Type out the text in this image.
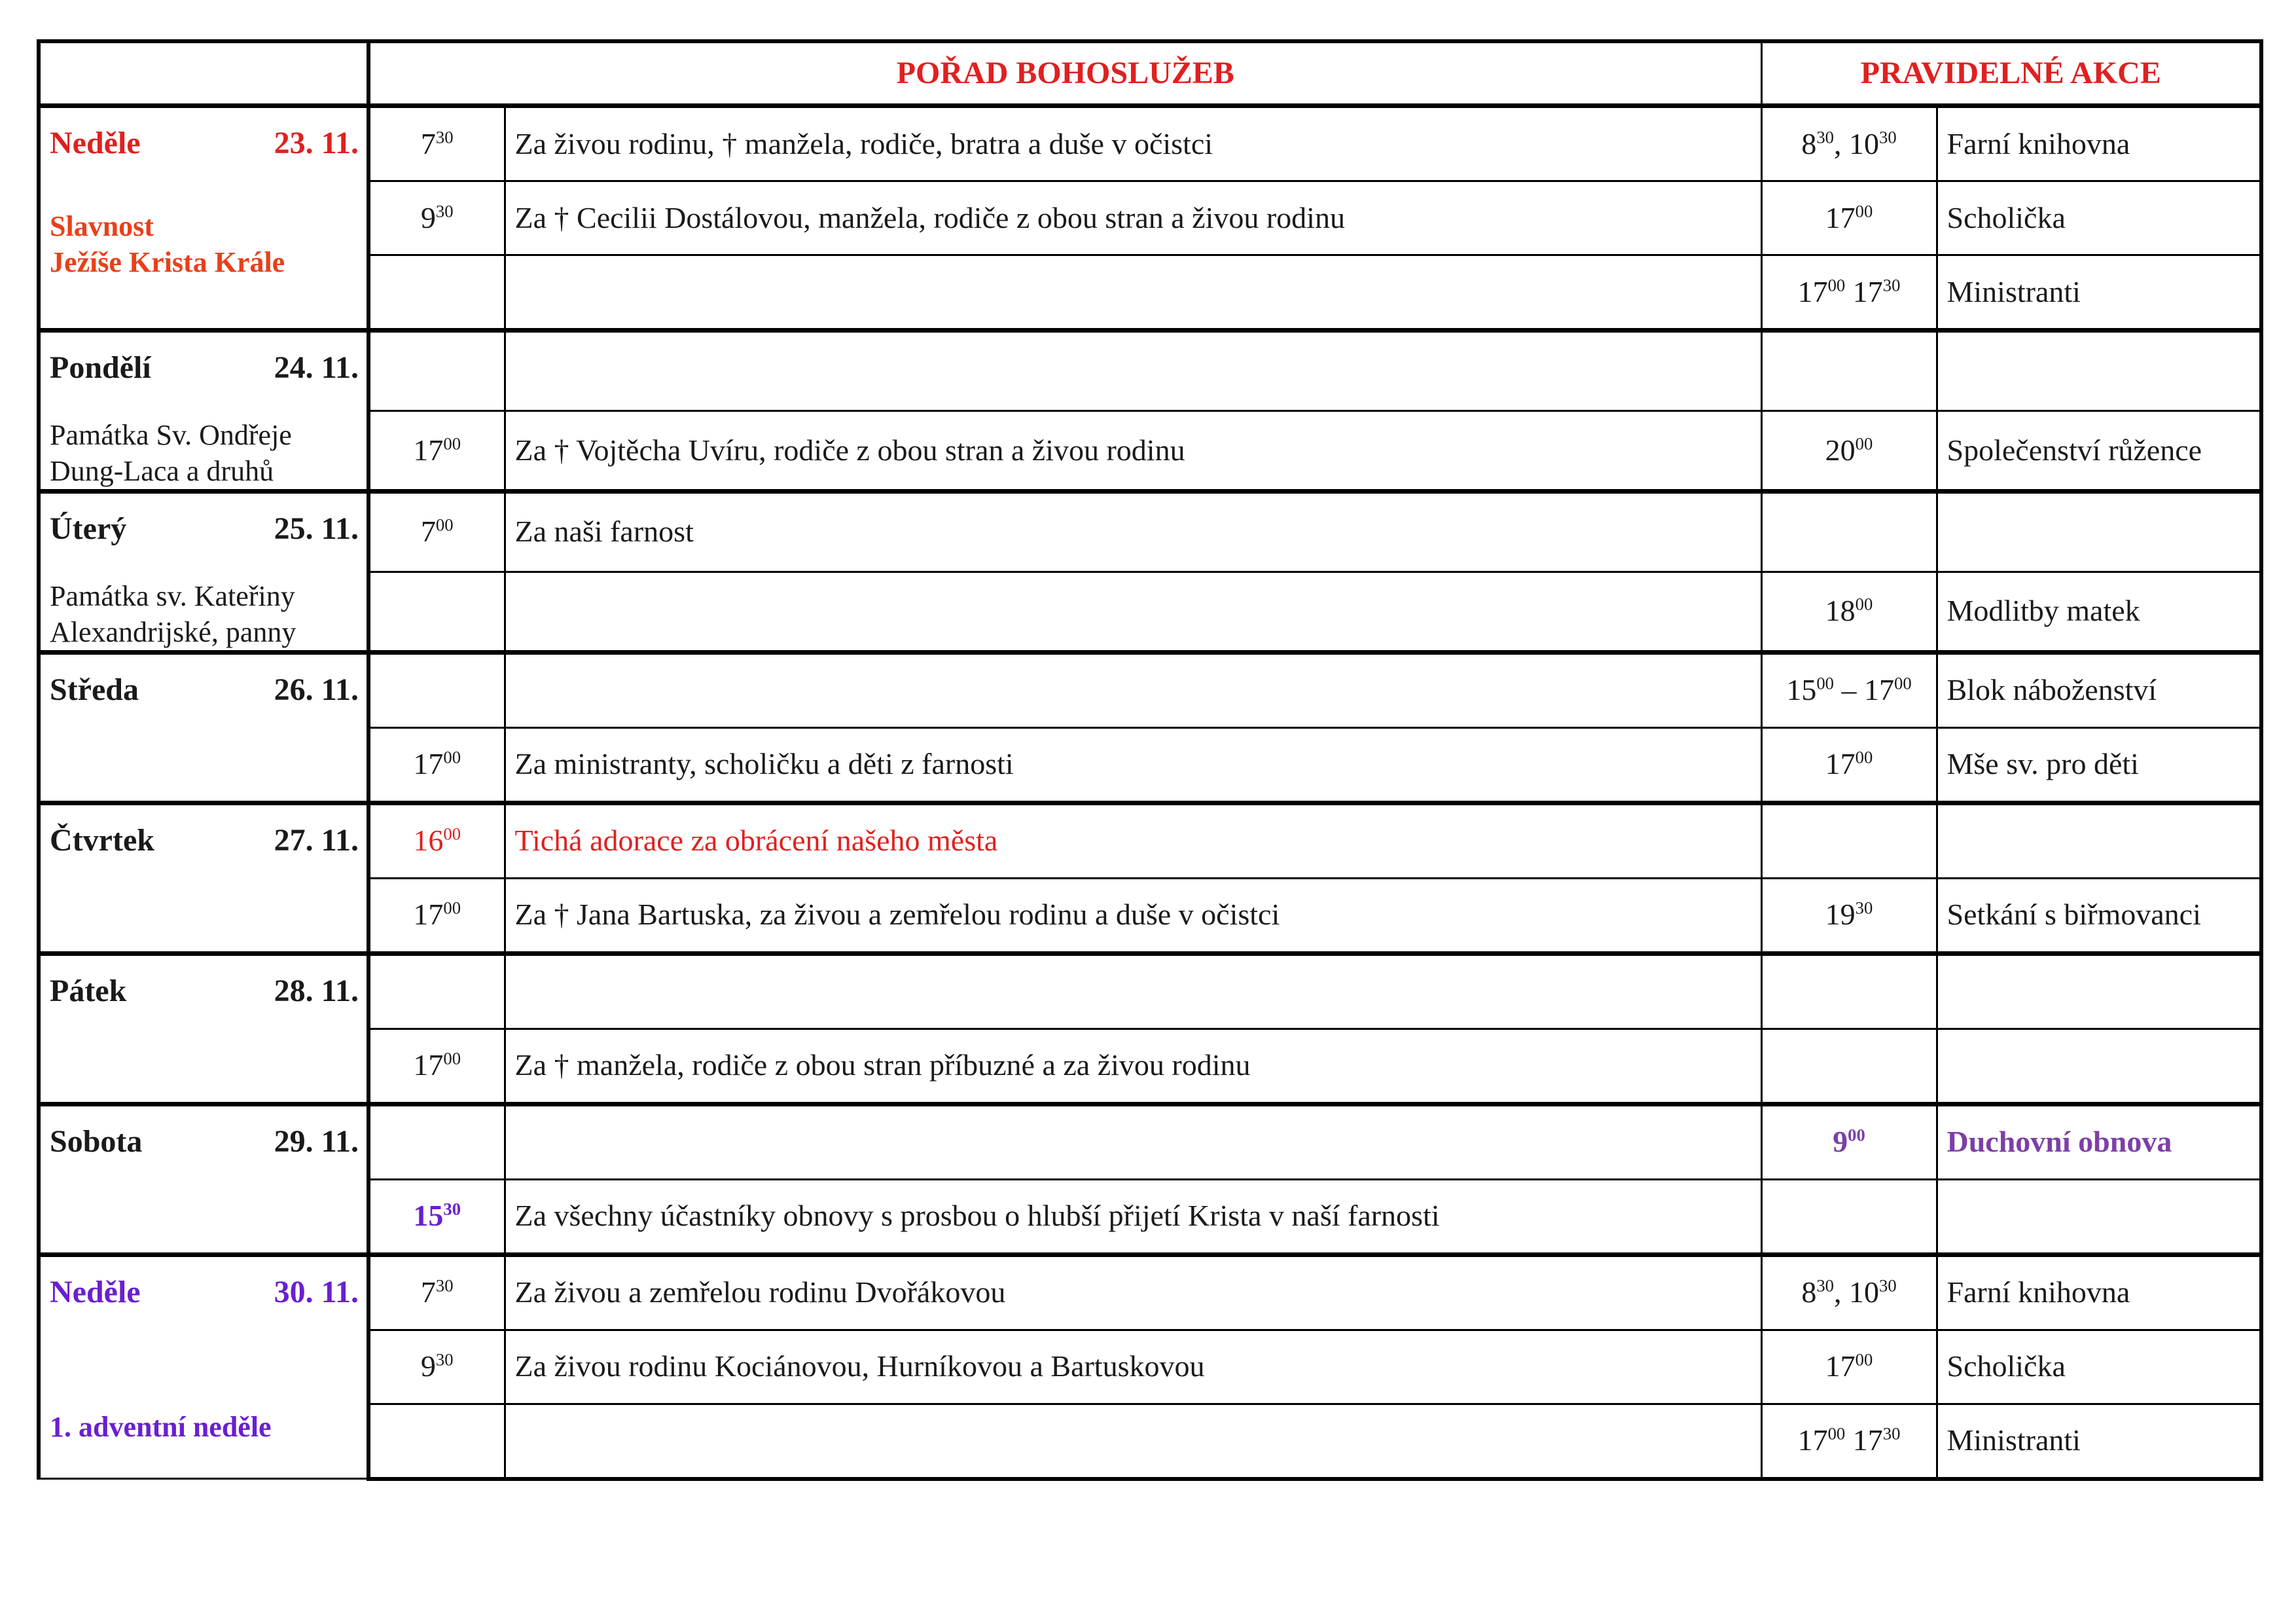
	POŘAD BOHOSLUŽEB		PRAVIDELNÉ AKCE	

Neděle 23. 11.
Slavnost
Ježíše Krista Krále	$7^{30}$	Za živou rodinu, † manžela, rodiče, bratra a duše v očistci	$8^{30}$, $10^{30}$	Farní knihovna
	$9^{30}$	Za † Cecilii Dostálovou, manžela, rodiče z obou stran a živou rodinu	$17^{00}$	Scholička
			$17^{00}$ $17^{30}$	Ministranti

Pondělí 24. 11.
Památka Sv. Ondřeje
Dung-Laca a druhů				

	$17^{00}$	Za † Vojtěcha Uvíru, rodiče z obou stran a živou rodinu	$20^{00}$	Společenství růžence

Úterý 25. 11.
Památka sv. Kateřiny
Alexandrijské, panny	$7^{00}$	Za naši farnost		
			$18^{00}$	Modlitby matek

Středa 26. 11.			$15^{00} - 17^{00}$	Blok náboženství
	$17^{00}$	Za ministranty, scholičku a děti z farnosti	$17^{00}$	Mše sv. pro děti

Čtvrtek 27. 11.	$16^{00}$	Tichá adorace za obrácení našeho města		
	$17^{00}$	Za † Jana Bartuska, za živou a zemřelou rodinu a duše v očistci	$19^{30}$	Setkání s biřmovanci

Pátek 28. 11.				

	$17^{00}$	Za † manžela, rodiče z obou stran příbuzné a za živou rodinu		

Sobota 29. 11.			$9^{00}$	Duchovní obnova
	$15^{30}$	Za všechny účastníky obnovy s prosbou o hlubší přijetí Krista v naší farnosti		

Neděle 30. 11.
1. adventní neděle	$7^{30}$	Za živou a zemřelou rodinu Dvořákovou	$8^{30}$, $10^{30}$	Farní knihovna
	$9^{30}$	Za živou rodinu Kociánovou, Hurníkovou a Bartuskovou	$17^{00}$	Scholička
			$17^{00}$ $17^{30}$	Ministranti
